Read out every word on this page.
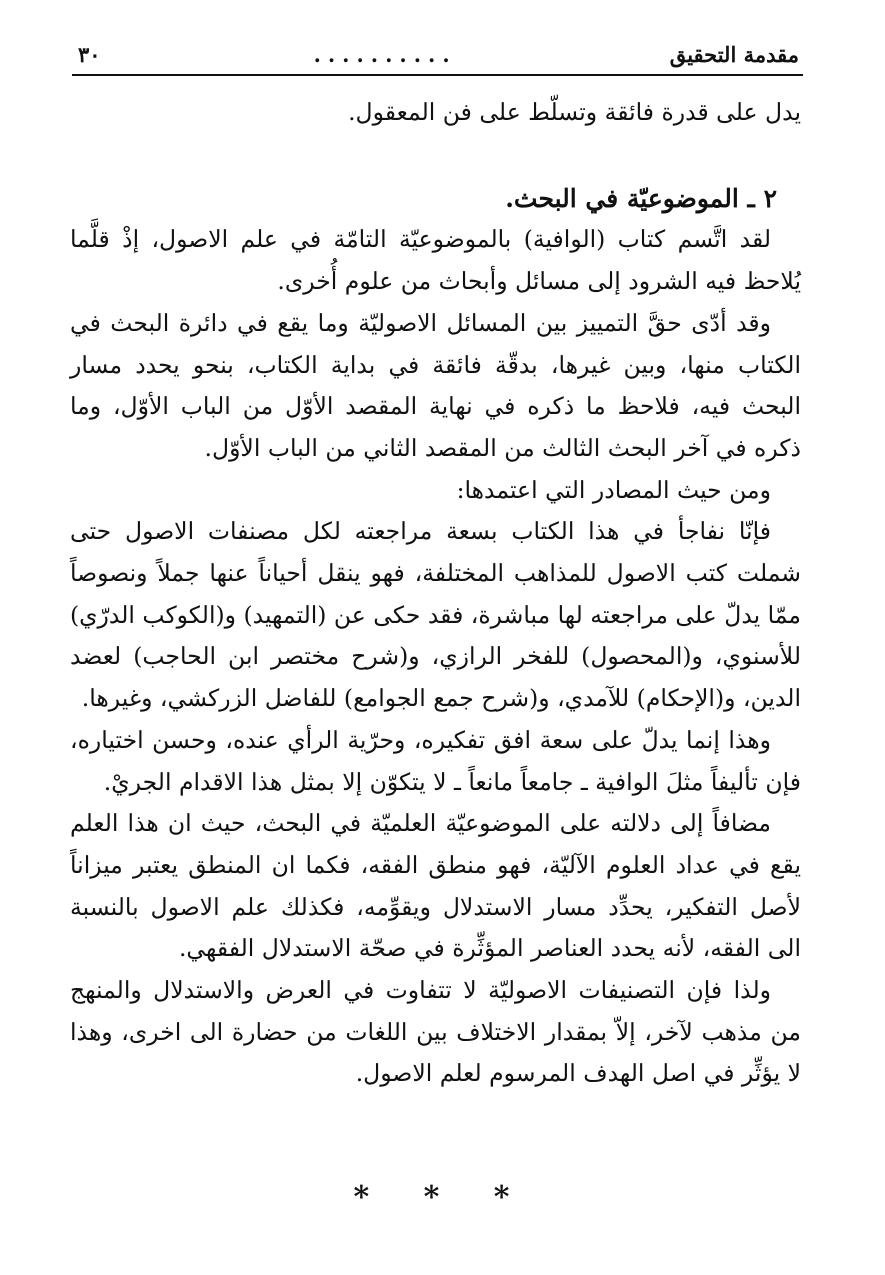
مقدمة التحقيق
..........
٣٠

يدل على قدرة فائقة وتسلّط على فن المعقول.

٢ ـ الموضوعيّة في البحث.

لقد اتَّسم كتاب (الوافية) بالموضوعيّة التامّة في علم الاصول، إذْ قلَّما يُلاحظ فيه الشرود إلى مسائل وأبحاث من علوم أُخرى.

وقد أدّى حقَّ التمييز بين المسائل الاصوليّة وما يقع في دائرة البحث في الكتاب منها، وبين غيرها، بدقّة فائقة في بداية الكتاب، بنحو يحدد مسار البحث فيه، فلاحظ ما ذكره في نهاية المقصد الأوّل من الباب الأوّل، وما ذكره في آخر البحث الثالث من المقصد الثاني من الباب الأوّل.

ومن حيث المصادر التي اعتمدها:

فإنّا نفاجأ في هذا الكتاب بسعة مراجعته لكل مصنفات الاصول حتى شملت كتب الاصول للمذاهب المختلفة، فهو ينقل أحياناً عنها جملاً ونصوصاً ممّا يدلّ على مراجعته لها مباشرة، فقد حكى عن (التمهيد) و(الكوكب الدرّي) للأسنوي، و(المحصول) للفخر الرازي، و(شرح مختصر ابن الحاجب) لعضد الدين، و(الإحكام) للآمدي، و(شرح جمع الجوامع) للفاضل الزركشي، وغيرها.

وهذا إنما يدلّ على سعة افق تفكيره، وحرّية الرأي عنده، وحسن اختياره، فإن تأليفاً مثلَ الوافية ـ جامعاً مانعاً ـ لا يتكوّن إلا بمثل هذا الاقدام الجريْ.

مضافاً إلى دلالته على الموضوعيّة العلميّة في البحث، حيث ان هذا العلم يقع في عداد العلوم الآليّة، فهو منطق الفقه، فكما ان المنطق يعتبر ميزاناً لأصل التفكير، يحدِّد مسار الاستدلال ويقوِّمه، فكذلك علم الاصول بالنسبة الى الفقه، لأنه يحدد العناصر المؤثِّرة في صحّة الاستدلال الفقهي.

ولذا فإن التصنيفات الاصوليّة لا تتفاوت في العرض والاستدلال والمنهج من مذهب لآخر، إلاّ بمقدار الاختلاف بين اللغات من حضارة الى اخرى، وهذا لا يؤثِّر في اصل الهدف المرسوم لعلم الاصول.

* * *
